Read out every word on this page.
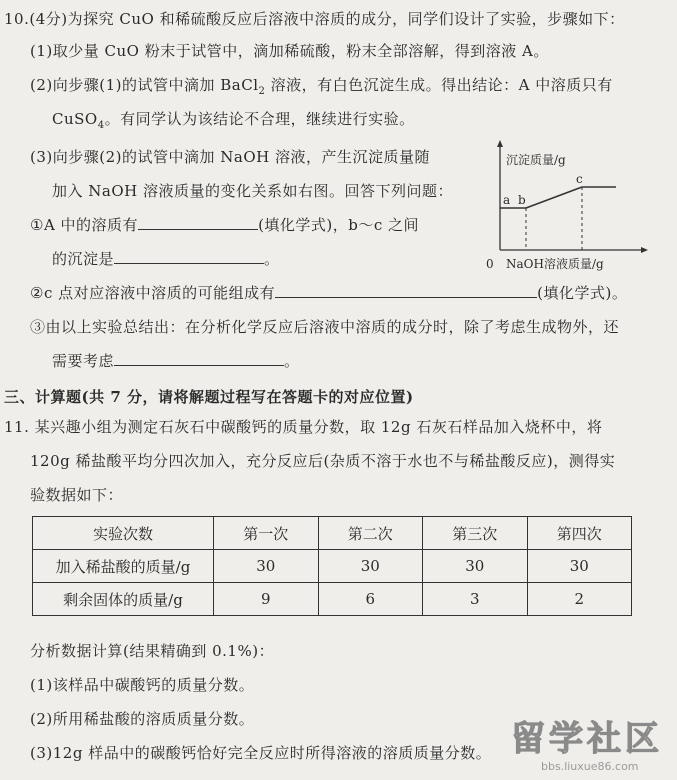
10.(4分)为探究 CuO 和稀硫酸反应后溶液中溶质的成分，同学们设计了实验，步骤如下：
(1)取少量 CuO 粉末于试管中，滴加稀硫酸，粉末全部溶解，得到溶液 A。
(2)向步骤(1)的试管中滴加 BaCl$_2$ 溶液，有白色沉淀生成。得出结论：A 中溶质只有
CuSO$_4$。有同学认为该结论不合理，继续进行实验。
(3)向步骤(2)的试管中滴加 NaOH 溶液，产生沉淀质量随
加入 NaOH 溶液质量的变化关系如右图。回答下列问题：
①A 中的溶质有	(填化学式)，b～c 之间
的沉淀是	。
②c 点对应溶液中溶质的可能组成有	(填化学式)。
③由以上实验总结出：在分析化学反应后溶液中溶质的成分时，除了考虑生成物外，还
需要考虑	。
沉淀质量/g
a b
c
0 NaOH溶液质量/g
三、计算题(共 7 分，请将解题过程写在答题卡的对应位置)
11. 某兴趣小组为测定石灰石中碳酸钙的质量分数，取 12g 石灰石样品加入烧杯中，将
120g 稀盐酸平均分四次加入，充分反应后(杂质不溶于水也不与稀盐酸反应)，测得实
验数据如下：
实验次数	第一次	第二次	第三次	第四次
加入稀盐酸的质量/g	30	30	30	30
剩余固体的质量/g	9	6	3	2
分析数据计算(结果精确到 0.1%)：
(1)该样品中碳酸钙的质量分数。
(2)所用稀盐酸的溶质质量分数。
(3)12g 样品中的碳酸钙恰好完全反应时所得溶液的溶质质量分数。 留学社区
bbs.liuxue86.com
